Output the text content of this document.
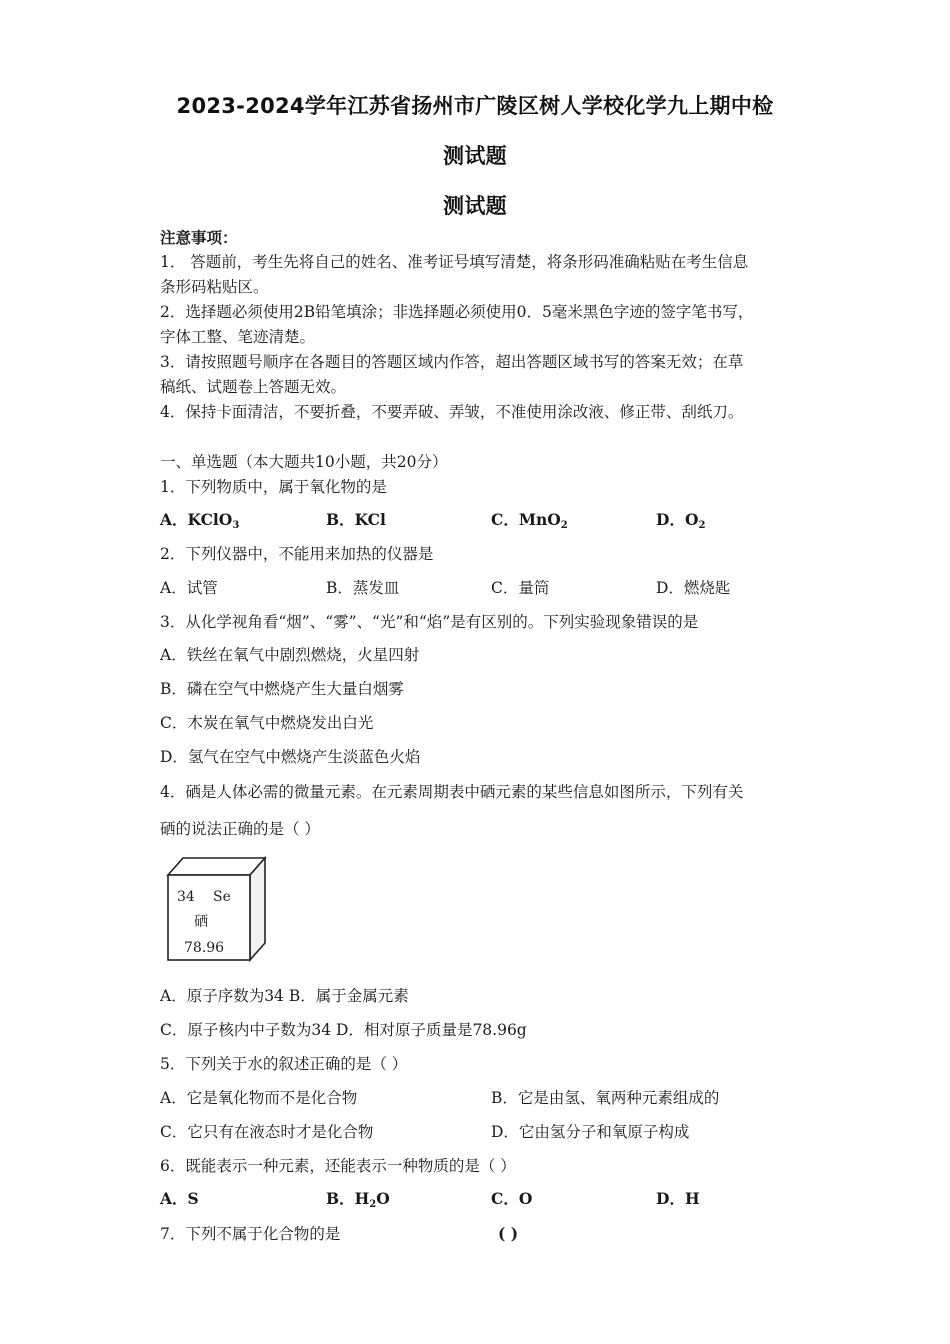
2023-2024学年江苏省扬州市广陵区树人学校化学九上期中检
测试题
测试题
注意事项：
1． 答题前，考生先将自己的姓名、准考证号填写清楚，将条形码准确粘贴在考生信息
条形码粘贴区。
2．选择题必须使用2B铅笔填涂；非选择题必须使用0．5毫米黑色字迹的签字笔书写，
字体工整、笔迹清楚。
3．请按照题号顺序在各题目的答题区域内作答，超出答题区域书写的答案无效；在草
稿纸、试题卷上答题无效。
4．保持卡面清洁，不要折叠，不要弄破、弄皱，不准使用涂改液、修正带、刮纸刀。
一、单选题（本大题共10小题，共20分）
1．下列物质中，属于氧化物的是
A．KClO$_3$	B．KCl	C．MnO$_2$	D．$O_2$
2．下列仪器中，不能用来加热的仪器是
A．试管	B．蒸发皿	C．量筒	D．燃烧匙
3．从化学视角看“烟”、“雾”、“光”和“焰”是有区别的。下列实验现象错误的是
A．铁丝在氧气中剧烈燃烧，火星四射
B．磷在空气中燃烧产生大量白烟雾
C．木炭在氧气中燃烧发出白光
D．氢气在空气中燃烧产生淡蓝色火焰
4．硒是人体必需的微量元素。在元素周期表中硒元素的某些信息如图所示，下列有关
硒的说法正确的是（ ）
34 Se
硒
78.96
A．原子序数为34 B．属于金属元素
C．原子核内中子数为34 D．相对原子质量是78.96g
5．下列关于水的叙述正确的是（ ）
A．它是氧化物而不是化合物	B．它是由氢、氧两种元素组成的
C．它只有在液态时才是化合物	D．它由氢分子和氧原子构成
6．既能表示一种元素，还能表示一种物质的是（ ）
A．S	B．$H_2O$	C．O	D．H
7．下列不属于化合物的是	( )
